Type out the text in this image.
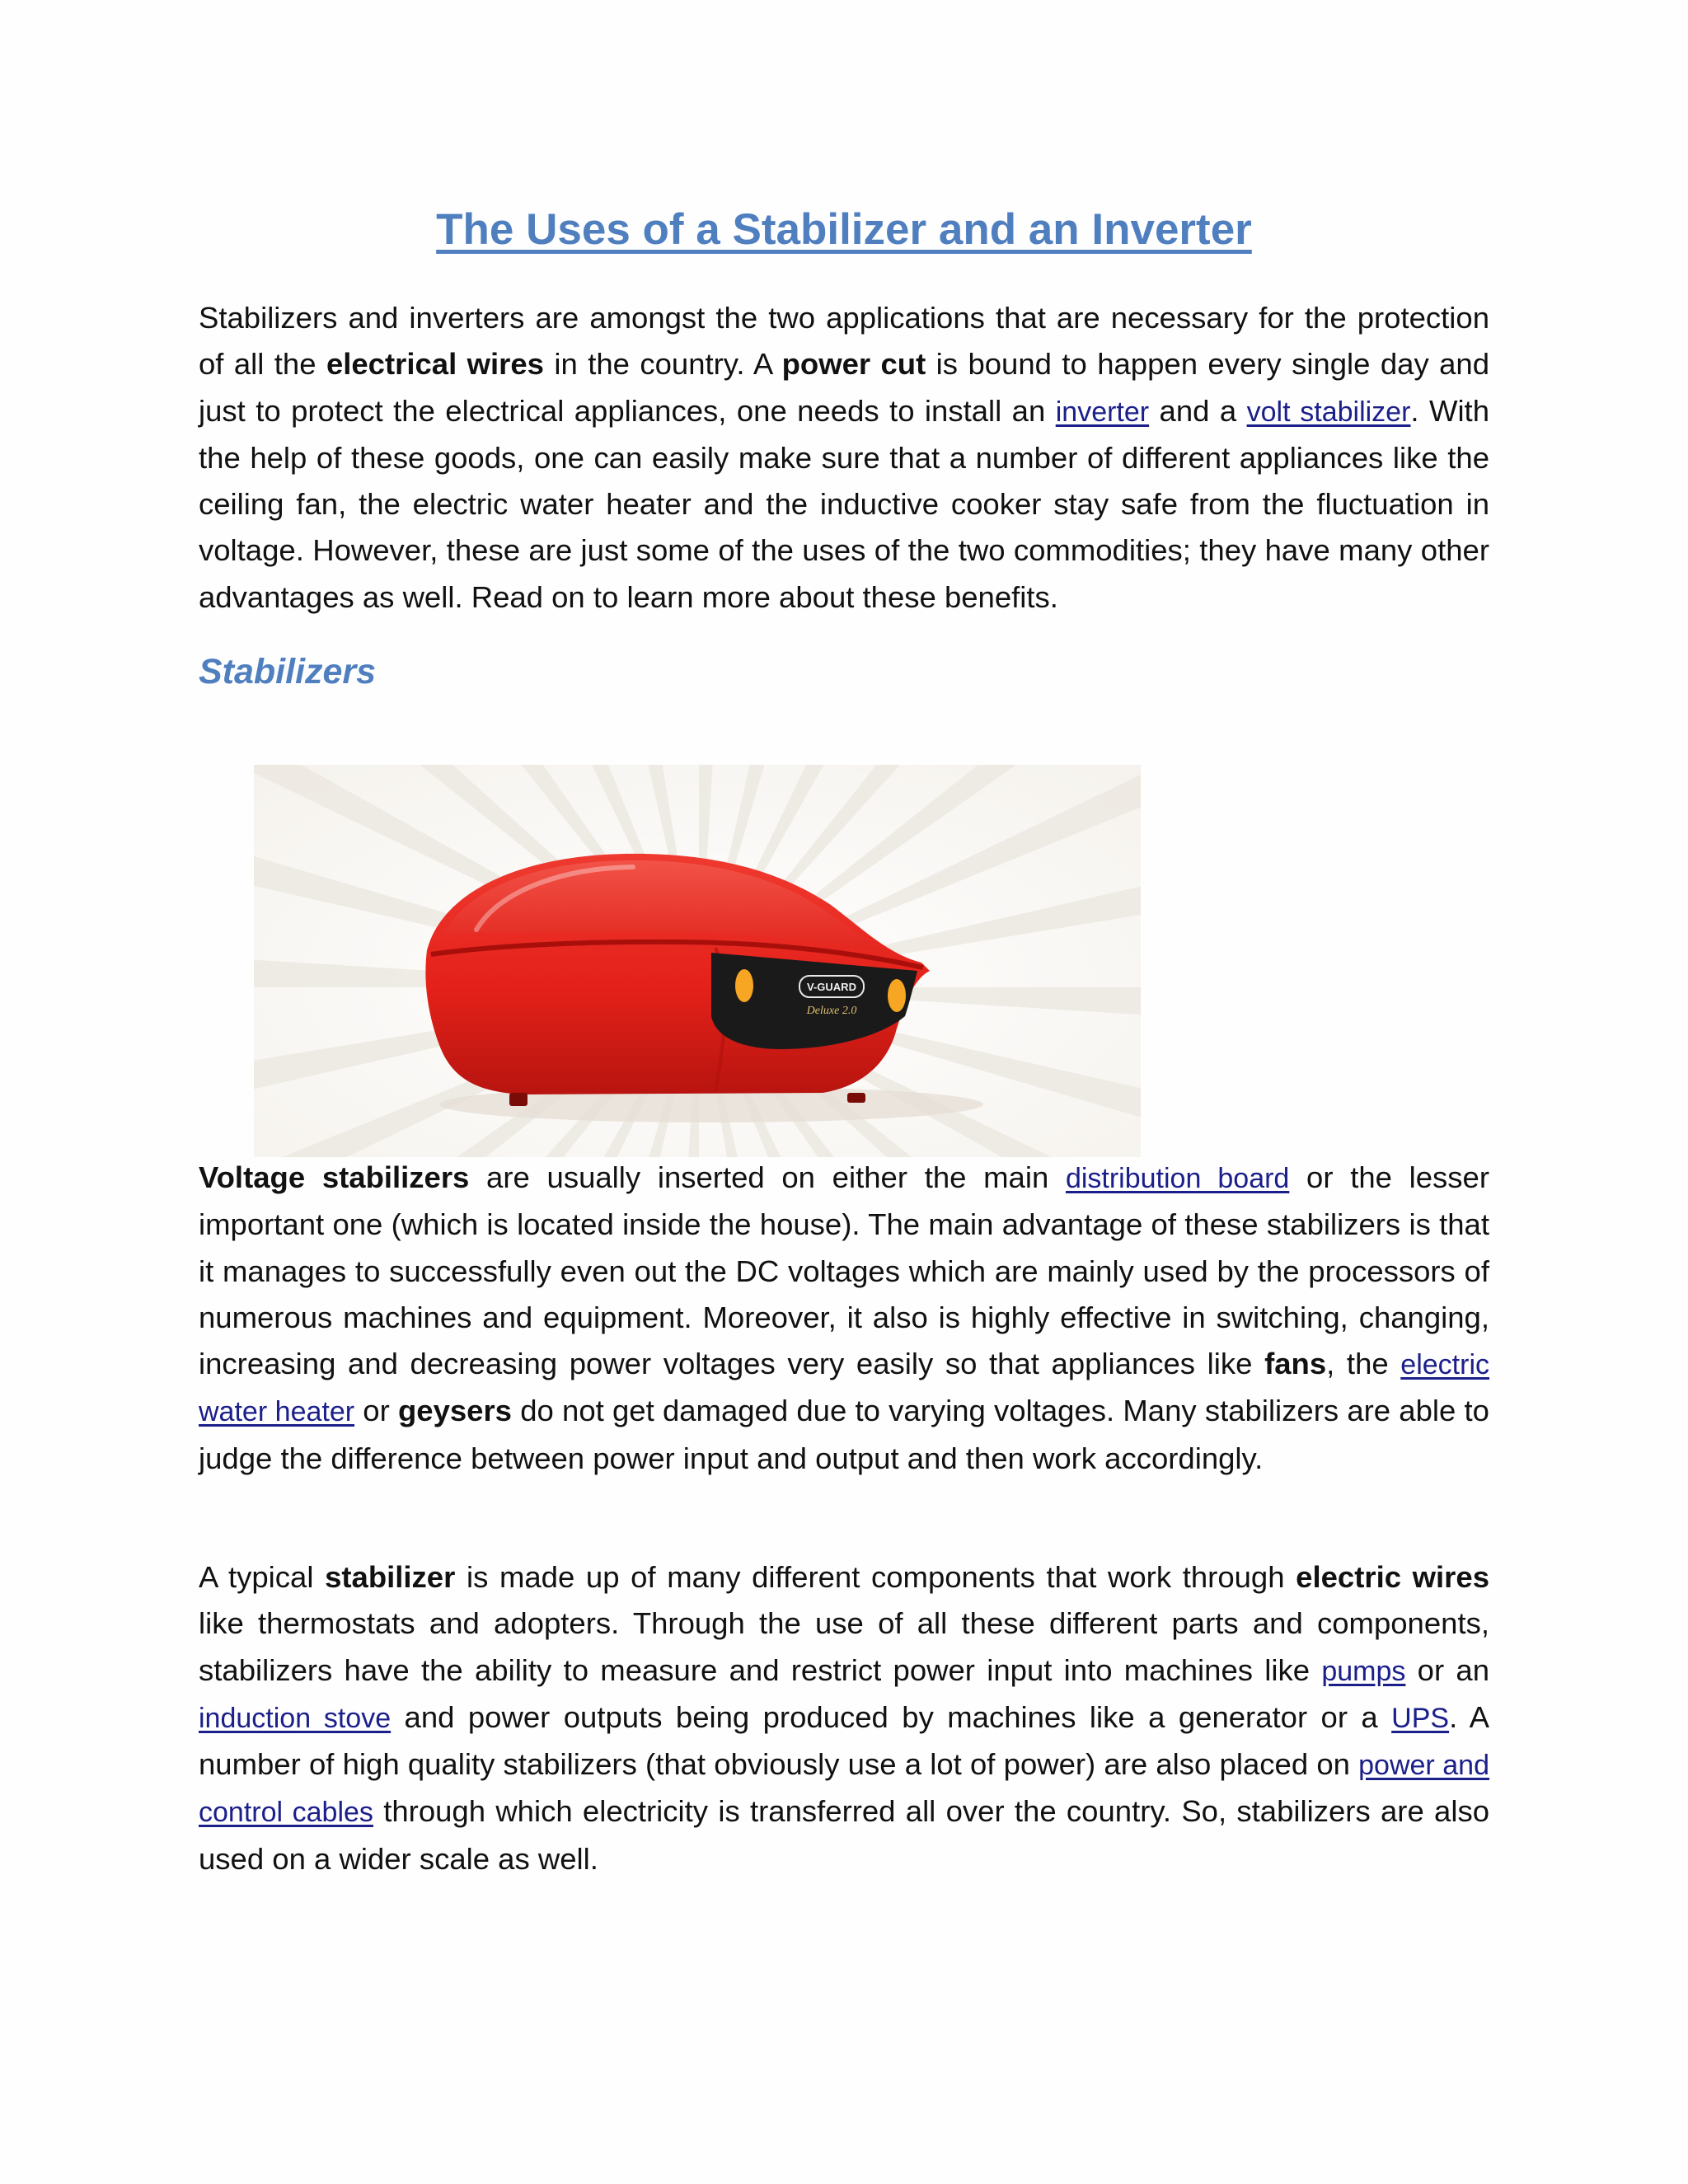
The Uses of a Stabilizer and an Inverter

Stabilizers and inverters are amongst the two applications that are necessary for the protection of all the electrical wires in the country. A power cut is bound to happen every single day and just to protect the electrical appliances, one needs to install an inverter and a volt stabilizer. With the help of these goods, one can easily make sure that a number of different appliances like the ceiling fan, the electric water heater and the inductive cooker stay safe from the fluctuation in voltage. However, these are just some of the uses of the two commodities; they have many other advantages as well. Read on to learn more about these benefits.

Stabilizers
V-GUARD
Deluxe 2.0

Voltage stabilizers are usually inserted on either the main distribution board or the lesser important one (which is located inside the house). The main advantage of these stabilizers is that it manages to successfully even out the DC voltages which are mainly used by the processors of numerous machines and equipment. Moreover, it also is highly effective in switching, changing, increasing and decreasing power voltages very easily so that appliances like fans, the electric water heater or geysers do not get damaged due to varying voltages. Many stabilizers are able to judge the difference between power input and output and then work accordingly.

A typical stabilizer is made up of many different components that work through electric wires like thermostats and adopters. Through the use of all these different parts and components, stabilizers have the ability to measure and restrict power input into machines like pumps or an induction stove and power outputs being produced by machines like a generator or a UPS. A number of high quality stabilizers (that obviously use a lot of power) are also placed on power and control cables through which electricity is transferred all over the country. So, stabilizers are also used on a wider scale as well.
